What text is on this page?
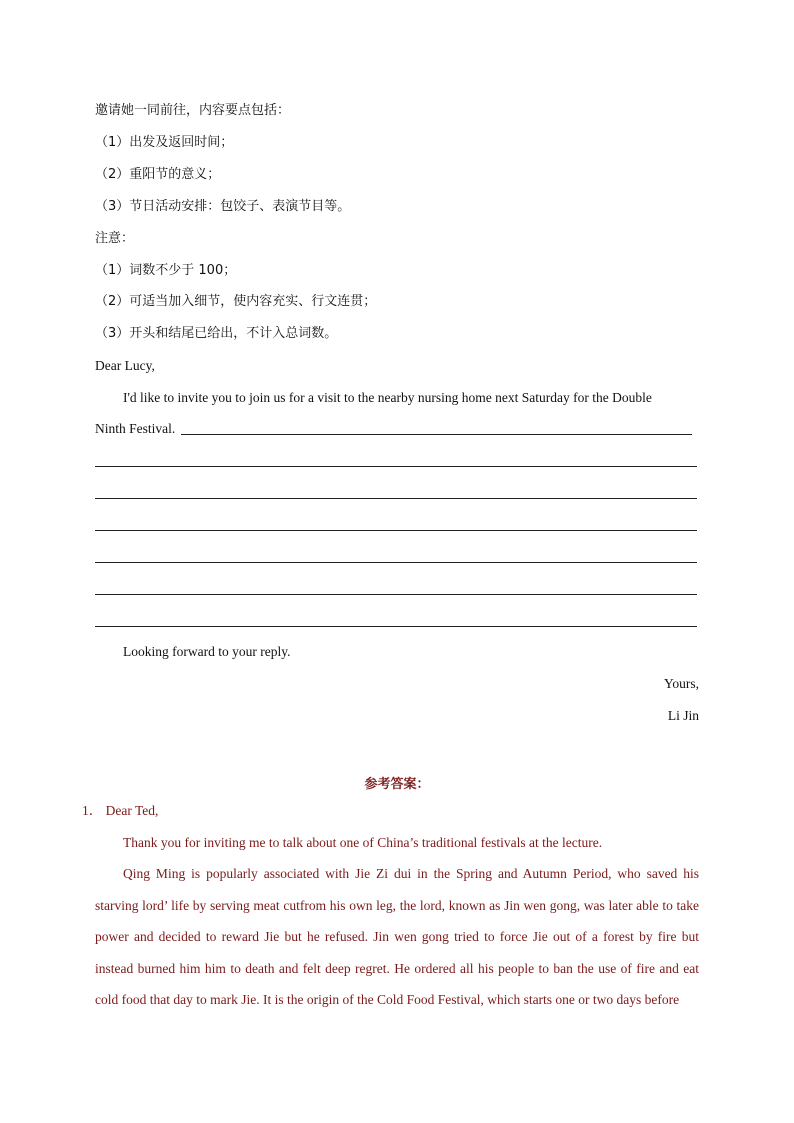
邀请她一同前往，内容要点包括：
（1）出发及返回时间；
（2）重阳节的意义；
（3）节日活动安排：包饺子、表演节目等。
注意：
（1）词数不少于 100；
（2）可适当加入细节，使内容充实、行文连贯；
（3）开头和结尾已给出，不计入总词数。
Dear Lucy,
I'd like to invite you to join us for a visit to the nearby nursing home next Saturday for the Double
Ninth Festival.
Looking forward to your reply.
Yours,
Li Jin
参考答案：
1． Dear Ted,
Thank you for inviting me to talk about one of China’s traditional festivals at the lecture.
Qing Ming is popularly associated with Jie Zi dui in the Spring and Autumn Period, who saved his starving lord’ life by serving meat cutfrom his own leg, the lord, known as Jin wen gong, was later able to take power and decided to reward Jie but he refused. Jin wen gong tried to force Jie out of a forest by fire but instead burned him him to death and felt deep regret. He ordered all his people to ban the use of fire and eat cold food that day to mark Jie. It is the origin of the Cold Food Festival, which starts one or two days before
